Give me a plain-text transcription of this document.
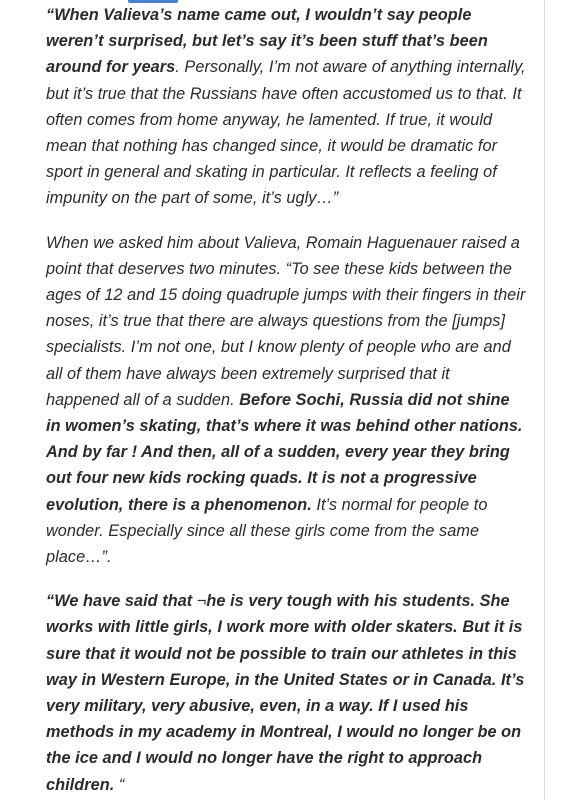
“When Valieva’s name came out, I wouldn’t say people weren’t surprised, but let’s say it’s been stuff that’s been around for years. Personally, I’m not aware of anything internally, but it’s true that the Russians have often accustomed us to that. It often comes from home anyway, he lamented. If true, it would mean that nothing has changed since, it would be dramatic for sport in general and skating in particular. It reflects a feeling of impunity on the part of some, it’s ugly…”

When we asked him about Valieva, Romain Haguenauer raised a point that deserves two minutes. “To see these kids between the ages of 12 and 15 doing quadruple jumps with their fingers in their noses, it’s true that there are always questions from the [jumps] specialists. I’m not one, but I know plenty of people who are and all of them have always been extremely surprised that it happened all of a sudden. Before Sochi, Russia did not shine in women’s skating, that’s where it was behind other nations. And by far ! And then, all of a sudden, every year they bring out four new kids rocking quads. It is not a progressive evolution, there is a phenomenon. It’s normal for people to wonder. Especially since all these girls come from the same place…”.

“We have said that ¬he is very tough with his students. She works with little girls, I work more with older skaters. But it is sure that it would not be possible to train our athletes in this way in Western Europe, in the United States or in Canada. It’s very military, very abusive, even, in a way. If I used his methods in my academy in Montreal, I would no longer be on the ice and I would no longer have the right to approach children. “
